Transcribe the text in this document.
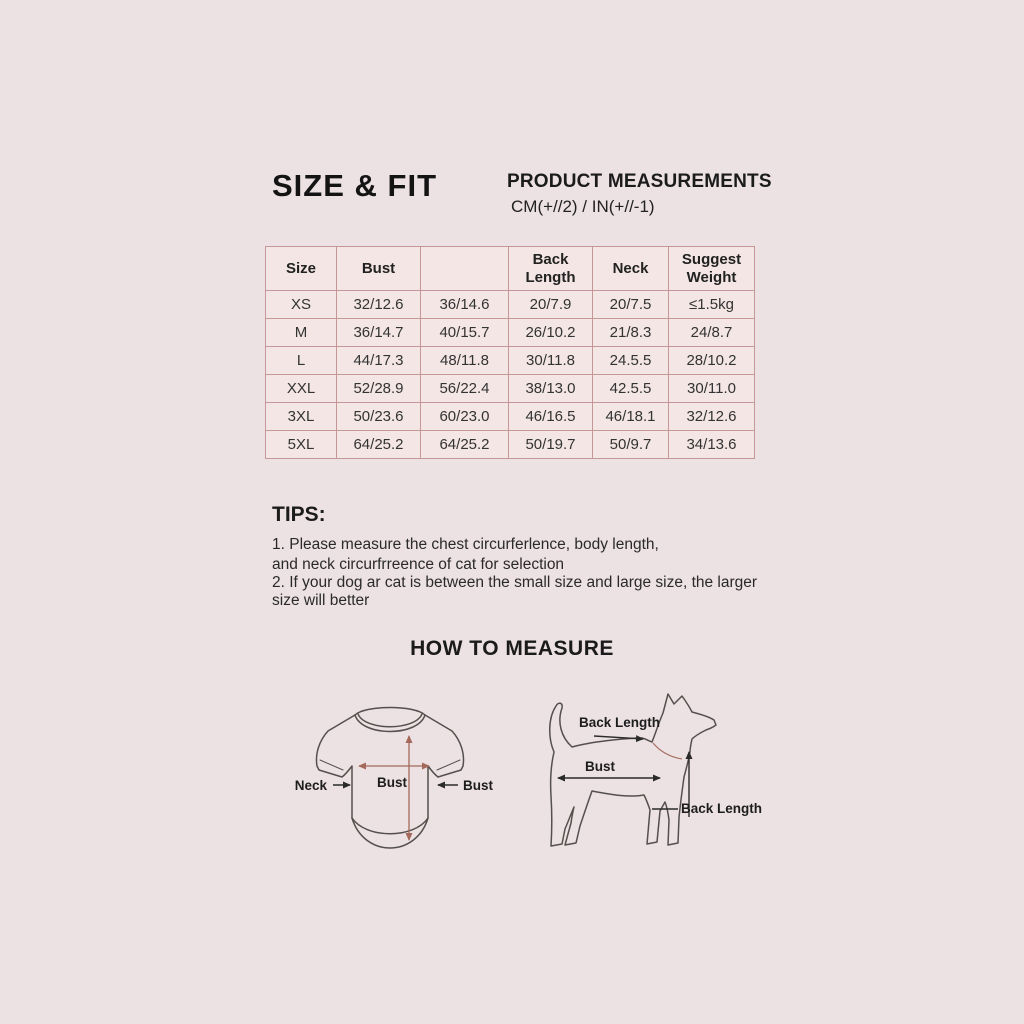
SIZE & FIT	PRODUCT MEASUREMENTS
CM(+//2) / IN(+//-1)
Size	Bust		Back Length	Neck	Suggest Weight
XS	32/12.6	36/14.6	20/7.9	20/7.5	≤1.5kg
M	36/14.7	40/15.7	26/10.2	21/8.3	24/8.7
L	44/17.3	48/11.8	30/11.8	24.5.5	28/10.2
XXL	52/28.9	56/22.4	38/13.0	42.5.5	30/11.0
3XL	50/23.6	60/23.0	46/16.5	46/18.1	32/12.6
5XL	64/25.2	64/25.2	50/19.7	50/9.7	34/13.6
TIPS:
1. Please measure the chest circurferlence, body length, and neck circurfrreence of cat for selection
2. If your dog ar cat is between the small size and large size, the larger size will better
HOW TO MEASURE
Neck	Bust	Bust
Back Length
Bust
Back Length
